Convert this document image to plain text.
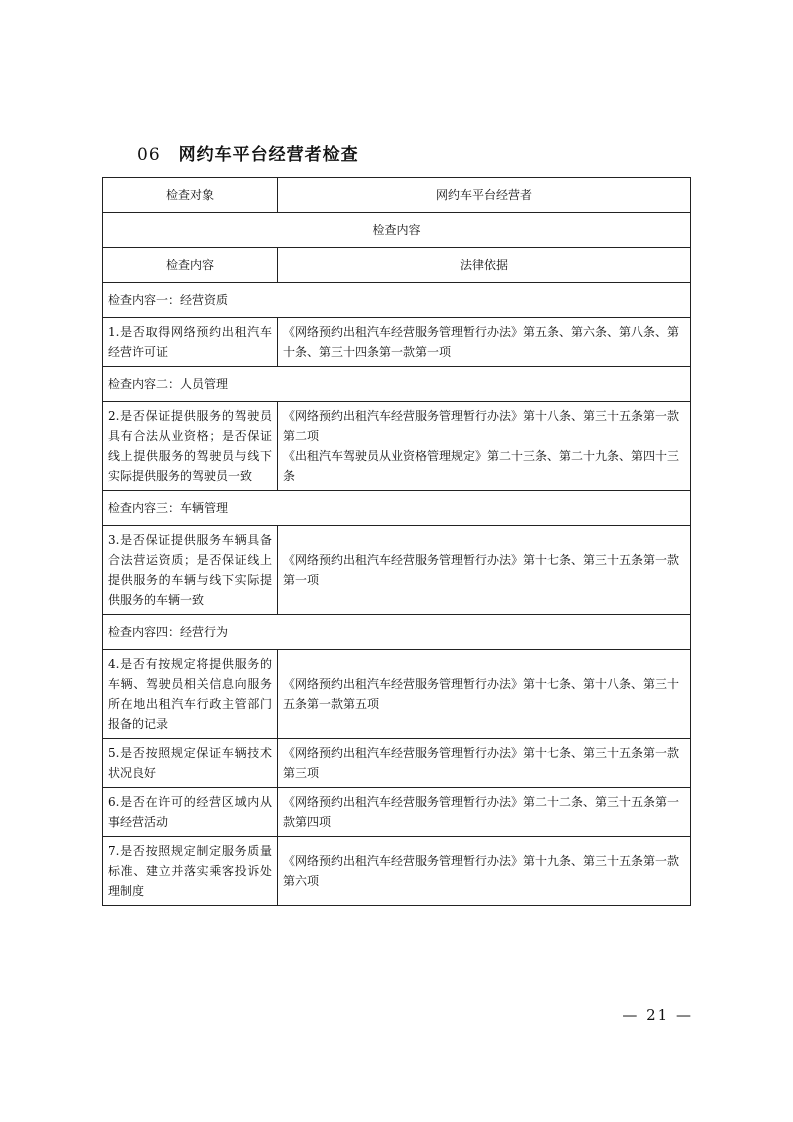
06 网约车平台经营者检查
检查对象	网约车平台经营者
检查内容	
检查内容	法律依据
检查内容一：经营资质	
1.是否取得网络预约出租汽车经营许可证	《网络预约出租汽车经营服务管理暂行办法》第五条、第六条、第八条、第十条、第三十四条第一款第一项

检查内容二：人员管理	
2.是否保证提供服务的驾驶员具有合法从业资格；是否保证线上提供服务的驾驶员与线下实际提供服务的驾驶员一致	《网络预约出租汽车经营服务管理暂行办法》第十八条、第三十五条第一款第二项
《出租汽车驾驶员从业资格管理规定》第二十三条、第二十九条、第四十三条

检查内容三：车辆管理	
3.是否保证提供服务车辆具备合法营运资质；是否保证线上提供服务的车辆与线下实际提供服务的车辆一致	《网络预约出租汽车经营服务管理暂行办法》第十七条、第三十五条第一款第一项

检查内容四：经营行为	
4.是否有按规定将提供服务的车辆、驾驶员相关信息向服务所在地出租汽车行政主管部门报备的记录	《网络预约出租汽车经营服务管理暂行办法》第十七条、第十八条、第三十五条第一款第五项

5.是否按照规定保证车辆技术状况良好	《网络预约出租汽车经营服务管理暂行办法》第十七条、第三十五条第一款第三项

6.是否在许可的经营区域内从事经营活动	《网络预约出租汽车经营服务管理暂行办法》第二十二条、第三十五条第一款第四项

7.是否按照规定制定服务质量标准、建立并落实乘客投诉处理制度	《网络预约出租汽车经营服务管理暂行办法》第十九条、第三十五条第一款第六项
— 21 —
